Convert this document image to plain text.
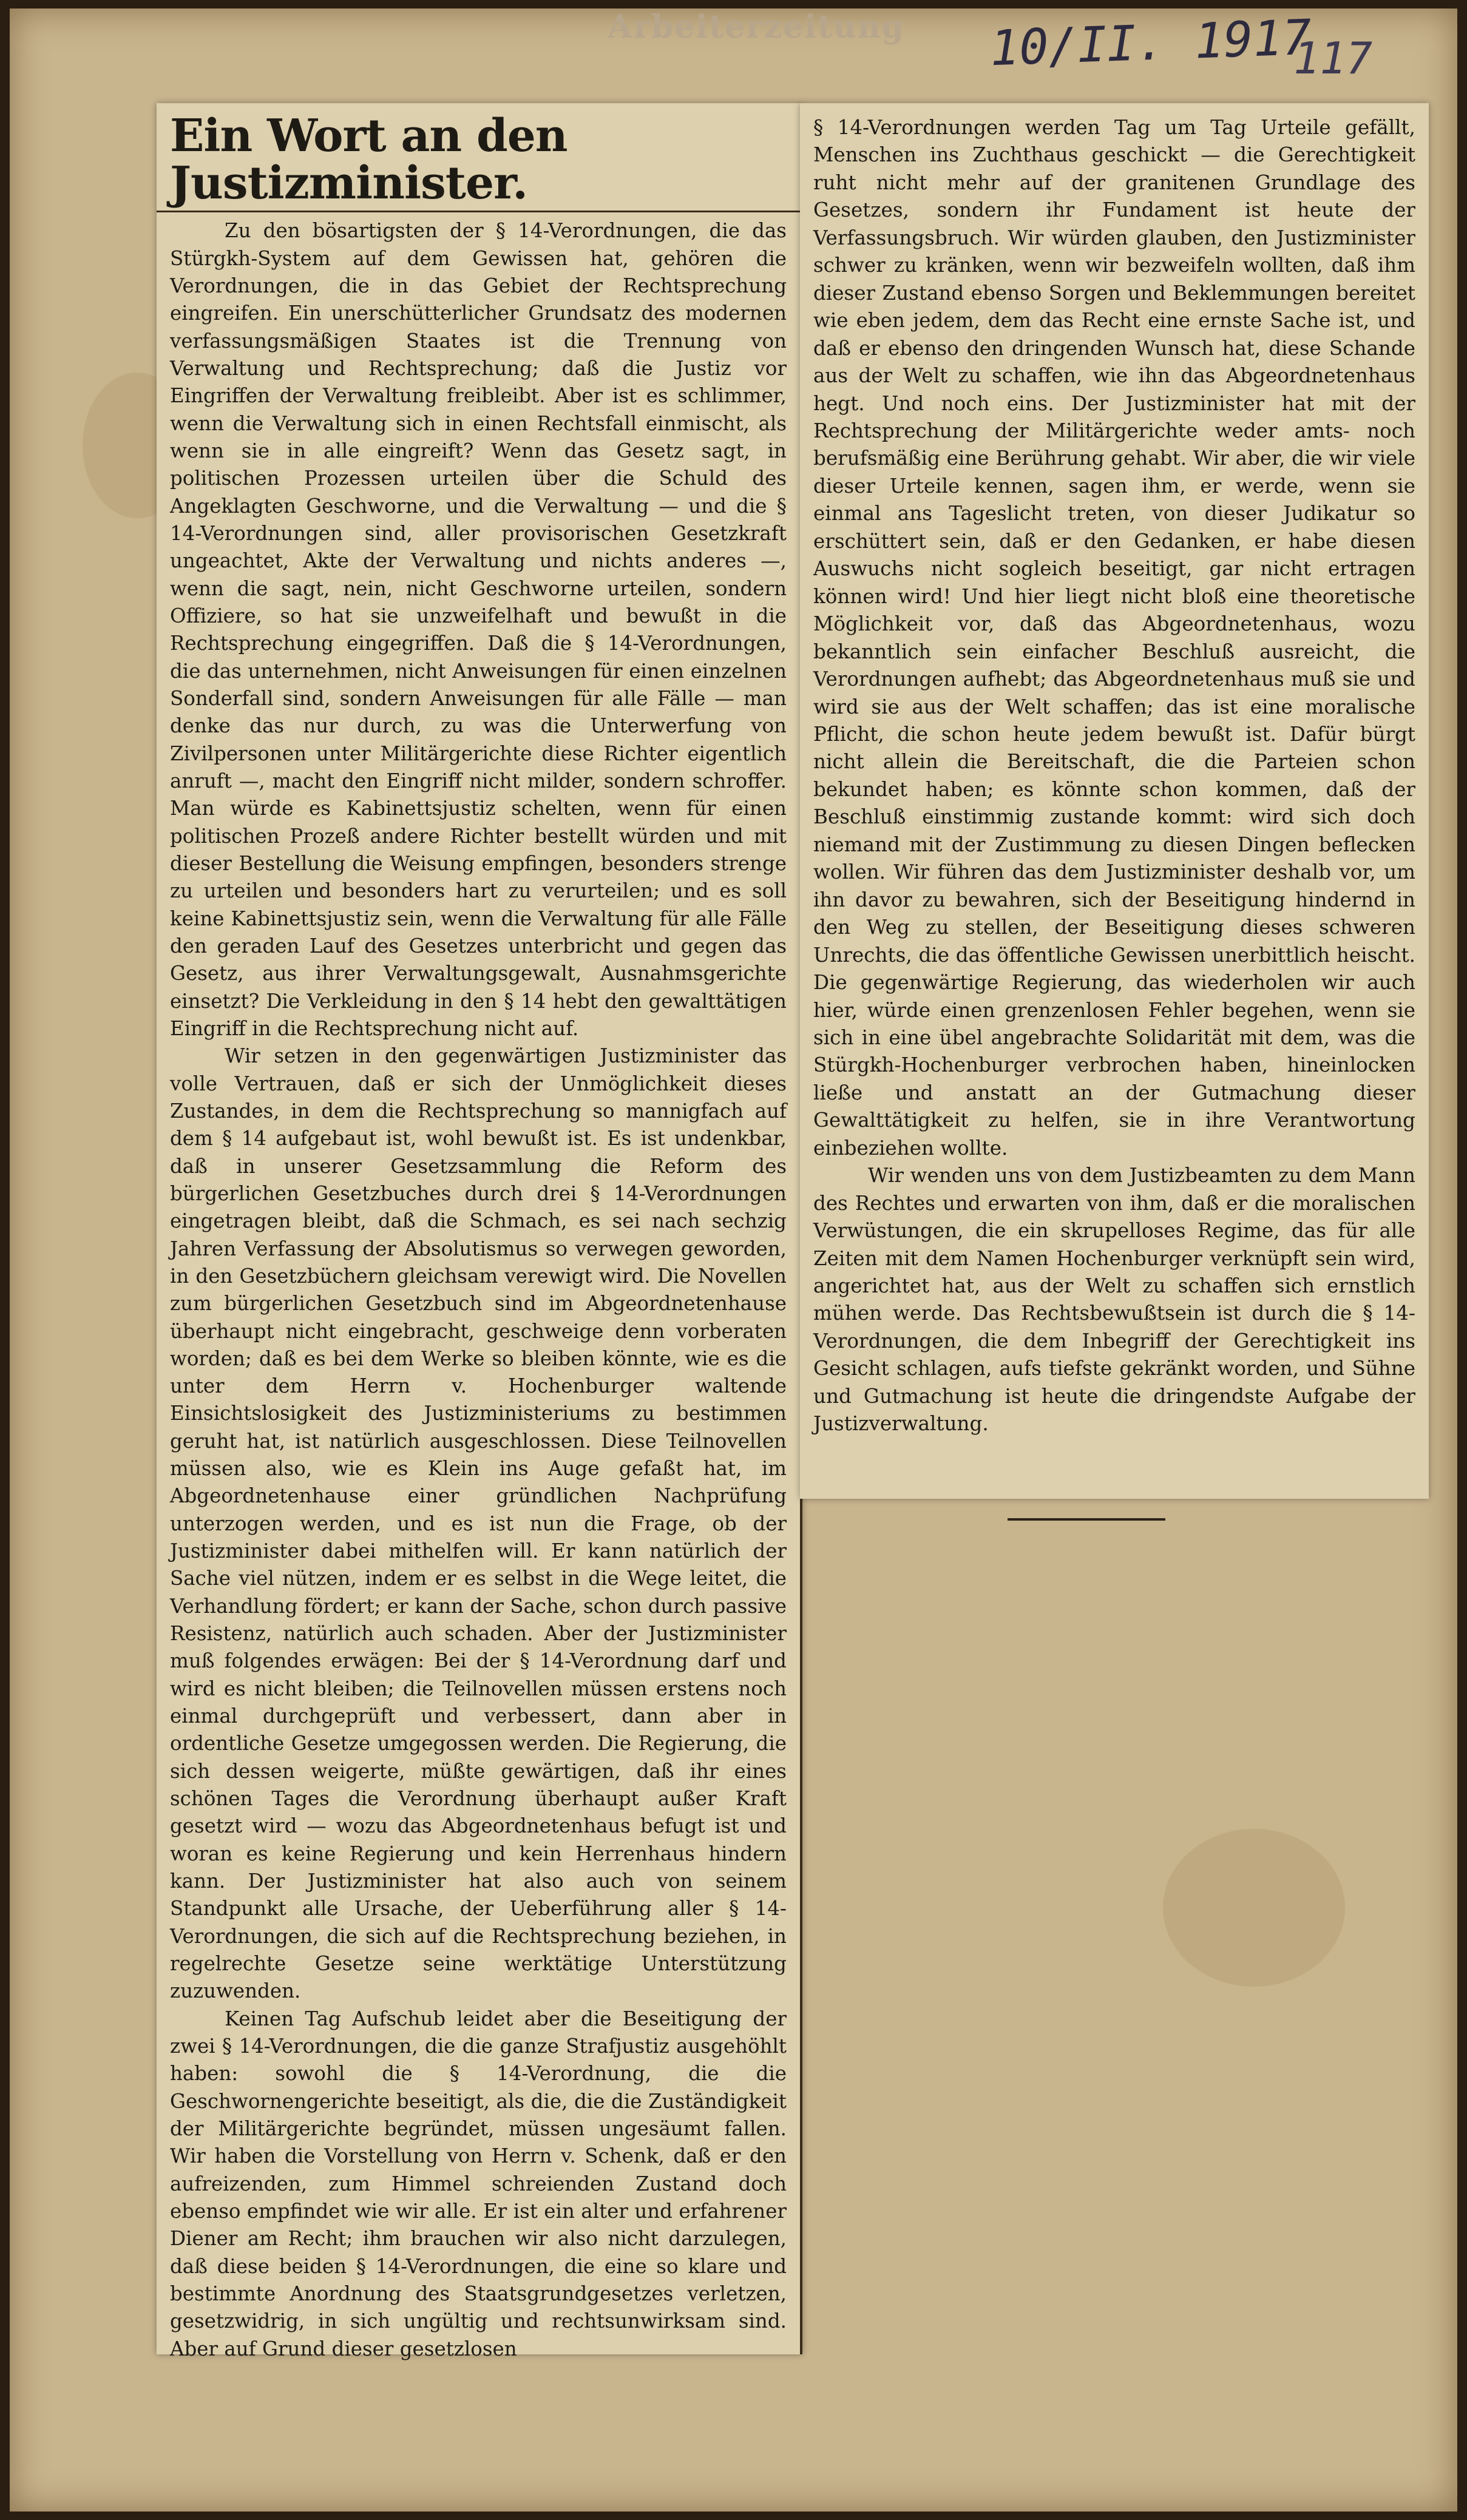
Arbeiterzeitung	10/II. 1917
117
Ein Wort an den Justizminister.

Zu den bösartigsten der § 14-Verordnungen, die das Stürgkh-System auf dem Gewissen hat, gehören die Verordnungen, die in das Gebiet der Rechtsprechung eingreifen. Ein unerschütterlicher Grundsatz des modernen verfassungsmäßigen Staates ist die Trennung von Verwaltung und Rechtsprechung; daß die Justiz vor Eingriffen der Verwaltung freibleibt. Aber ist es schlimmer, wenn die Verwaltung sich in einen Rechtsfall einmischt, als wenn sie in alle eingreift? Wenn das Gesetz sagt, in politischen Prozessen urteilen über die Schuld des Angeklagten Geschworne, und die Verwaltung — und die § 14-Verordnungen sind, aller provisorischen Gesetzkraft ungeachtet, Akte der Verwaltung und nichts anderes —, wenn die sagt, nein, nicht Geschworne urteilen, sondern Offiziere, so hat sie unzweifelhaft und bewußt in die Rechtsprechung eingegriffen. Daß die § 14-Verordnungen, die das unternehmen, nicht Anweisungen für einen einzelnen Sonderfall sind, sondern Anweisungen für alle Fälle — man denke das nur durch, zu was die Unterwerfung von Zivilpersonen unter Militärgerichte diese Richter eigentlich anruft —, macht den Eingriff nicht milder, sondern schroffer. Man würde es Kabinettsjustiz schelten, wenn für einen politischen Prozeß andere Richter bestellt würden und mit dieser Bestellung die Weisung empfingen, besonders strenge zu urteilen und besonders hart zu verurteilen; und es soll keine Kabinettsjustiz sein, wenn die Verwaltung für alle Fälle den geraden Lauf des Gesetzes unterbricht und gegen das Gesetz, aus ihrer Verwaltungsgewalt, Ausnahmsgerichte einsetzt? Die Verkleidung in den § 14 hebt den gewalttätigen Eingriff in die Rechtsprechung nicht auf.

Wir setzen in den gegenwärtigen Justizminister das volle Vertrauen, daß er sich der Unmöglichkeit dieses Zustandes, in dem die Rechtsprechung so mannigfach auf dem § 14 aufgebaut ist, wohl bewußt ist. Es ist undenkbar, daß in unserer Gesetzsammlung die Reform des bürgerlichen Gesetzbuches durch drei § 14-Verordnungen eingetragen bleibt, daß die Schmach, es sei nach sechzig Jahren Verfassung der Absolutismus so verwegen geworden, in den Gesetzbüchern gleichsam verewigt wird. Die Novellen zum bürgerlichen Gesetzbuch sind im Abgeordnetenhause überhaupt nicht eingebracht, geschweige denn vorberaten worden; daß es bei dem Werke so bleiben könnte, wie es die unter dem Herrn v. Hochenburger waltende Einsichtslosigkeit des Justizministeriums zu bestimmen geruht hat, ist natürlich ausgeschlossen. Diese Teilnovellen müssen also, wie es Klein ins Auge gefaßt hat, im Abgeordnetenhause einer gründlichen Nachprüfung unterzogen werden, und es ist nun die Frage, ob der Justizminister dabei mithelfen will. Er kann natürlich der Sache viel nützen, indem er es selbst in die Wege leitet, die Verhandlung fördert; er kann der Sache, schon durch passive Resistenz, natürlich auch schaden. Aber der Justizminister muß folgendes erwägen: Bei der § 14-Verordnung darf und wird es nicht bleiben; die Teilnovellen müssen erstens noch einmal durchgeprüft und verbessert, dann aber in ordentliche Gesetze umgegossen werden. Die Regierung, die sich dessen weigerte, müßte gewärtigen, daß ihr eines schönen Tages die Verordnung überhaupt außer Kraft gesetzt wird — wozu das Abgeordnetenhaus befugt ist und woran es keine Regierung und kein Herrenhaus hindern kann. Der Justizminister hat also auch von seinem Standpunkt alle Ursache, der Ueberführung aller § 14-Verordnungen, die sich auf die Rechtsprechung beziehen, in regelrechte Gesetze seine werktätige Unterstützung zuzuwenden.

Keinen Tag Aufschub leidet aber die Beseitigung der zwei § 14-Verordnungen, die die ganze Strafjustiz ausgehöhlt haben: sowohl die § 14-Verordnung, die die Geschwornengerichte beseitigt, als die, die die Zuständigkeit der Militärgerichte begründet, müssen ungesäumt fallen. Wir haben die Vorstellung von Herrn v. Schenk, daß er den aufreizenden, zum Himmel schreienden Zustand doch ebenso empfindet wie wir alle. Er ist ein alter und erfahrener Diener am Recht; ihm brauchen wir also nicht darzulegen, daß diese beiden § 14-Verordnungen, die eine so klare und bestimmte Anordnung des Staatsgrundgesetzes verletzen, gesetzwidrig, in sich ungültig und rechtsunwirksam sind. Aber auf Grund dieser gesetzlosen

§ 14-Verordnungen werden Tag um Tag Urteile gefällt, Menschen ins Zuchthaus geschickt — die Gerechtigkeit ruht nicht mehr auf der granitenen Grundlage des Gesetzes, sondern ihr Fundament ist heute der Verfassungsbruch. Wir würden glauben, den Justizminister schwer zu kränken, wenn wir bezweifeln wollten, daß ihm dieser Zustand ebenso Sorgen und Beklemmungen bereitet wie eben jedem, dem das Recht eine ernste Sache ist, und daß er ebenso den dringenden Wunsch hat, diese Schande aus der Welt zu schaffen, wie ihn das Abgeordnetenhaus hegt. Und noch eins. Der Justizminister hat mit der Rechtsprechung der Militärgerichte weder amts- noch berufsmäßig eine Berührung gehabt. Wir aber, die wir viele dieser Urteile kennen, sagen ihm, er werde, wenn sie einmal ans Tageslicht treten, von dieser Judikatur so erschüttert sein, daß er den Gedanken, er habe diesen Auswuchs nicht sogleich beseitigt, gar nicht ertragen können wird! Und hier liegt nicht bloß eine theoretische Möglichkeit vor, daß das Abgeordnetenhaus, wozu bekanntlich sein einfacher Beschluß ausreicht, die Verordnungen aufhebt; das Abgeordnetenhaus muß sie und wird sie aus der Welt schaffen; das ist eine moralische Pflicht, die schon heute jedem bewußt ist. Dafür bürgt nicht allein die Bereitschaft, die die Parteien schon bekundet haben; es könnte schon kommen, daß der Beschluß einstimmig zustande kommt: wird sich doch niemand mit der Zustimmung zu diesen Dingen beflecken wollen. Wir führen das dem Justizminister deshalb vor, um ihn davor zu bewahren, sich der Beseitigung hindernd in den Weg zu stellen, der Beseitigung dieses schweren Unrechts, die das öffentliche Gewissen unerbittlich heischt. Die gegenwärtige Regierung, das wiederholen wir auch hier, würde einen grenzenlosen Fehler begehen, wenn sie sich in eine übel angebrachte Solidarität mit dem, was die Stürgkh-Hochenburger verbrochen haben, hineinlocken ließe und anstatt an der Gutmachung dieser Gewalttätigkeit zu helfen, sie in ihre Verantwortung einbeziehen wollte.

Wir wenden uns von dem Justizbeamten zu dem Mann des Rechtes und erwarten von ihm, daß er die moralischen Verwüstungen, die ein skrupelloses Regime, das für alle Zeiten mit dem Namen Hochenburger verknüpft sein wird, angerichtet hat, aus der Welt zu schaffen sich ernstlich mühen werde. Das Rechtsbewußtsein ist durch die § 14-Verordnungen, die dem Inbegriff der Gerechtigkeit ins Gesicht schlagen, aufs tiefste gekränkt worden, und Sühne und Gutmachung ist heute die dringendste Aufgabe der Justizverwaltung.
